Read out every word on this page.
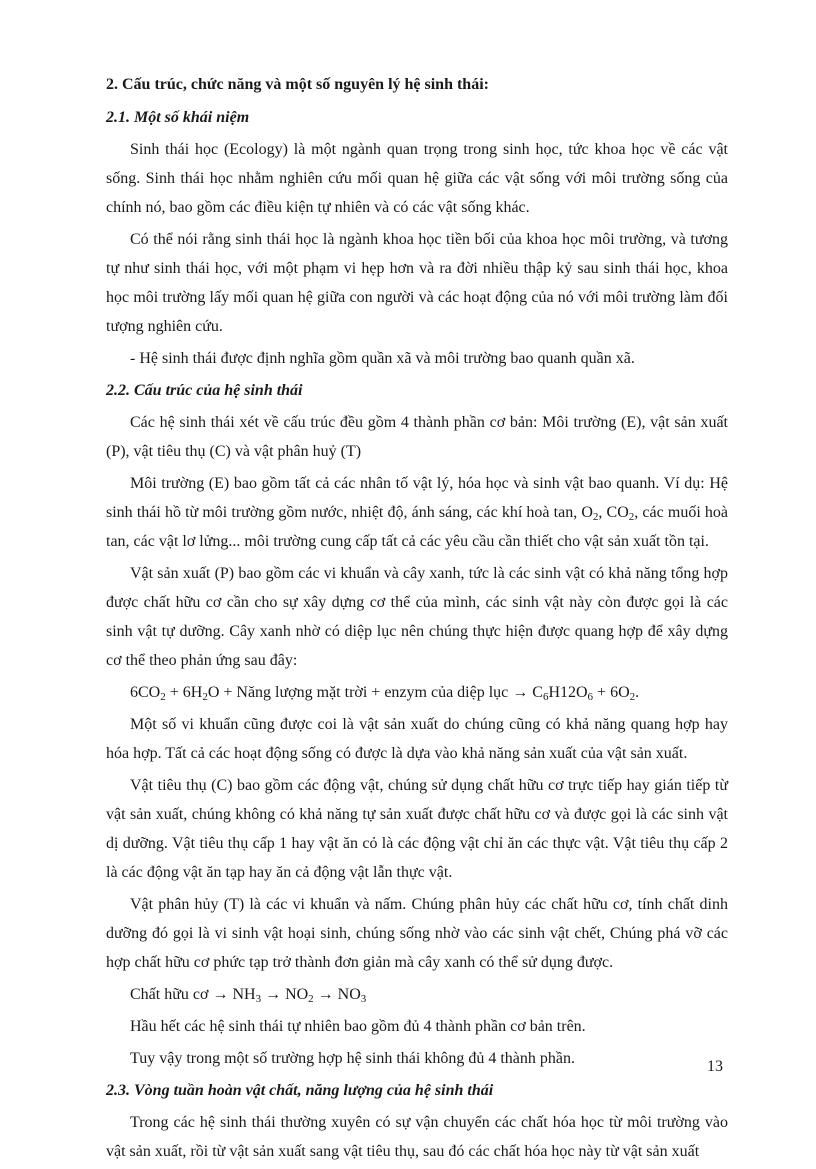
2. Cấu trúc, chức năng và một số nguyên lý hệ sinh thái:
2.1. Một số khái niệm

Sinh thái học (Ecology) là một ngành quan trọng trong sinh học, tức khoa học về các vật sống. Sinh thái học nhằm nghiên cứu mối quan hệ giữa các vật sống với môi trường sống của chính nó, bao gồm các điều kiện tự nhiên và có các vật sống khác.

Có thể nói rằng sinh thái học là ngành khoa học tiền bối của khoa học môi trường, và tương tự như sinh thái học, với một phạm vi hẹp hơn và ra đời nhiều thập kỷ sau sinh thái học, khoa học môi trường lấy mối quan hệ giữa con người và các hoạt động của nó với môi trường làm đối tượng nghiên cứu.

- Hệ sinh thái được định nghĩa gồm quần xã và môi trường bao quanh quần xã.

2.2. Cấu trúc của hệ sinh thái

Các hệ sinh thái xét về cấu trúc đều gồm 4 thành phần cơ bản: Môi trường (E), vật sản xuất (P), vật tiêu thụ (C) và vật phân huỷ (T)

Môi trường (E) bao gồm tất cả các nhân tố vật lý, hóa học và sinh vật bao quanh. Ví dụ: Hệ sinh thái hồ từ môi trường gồm nước, nhiệt độ, ánh sáng, các khí hoà tan, $O_2$, $CO_2$, các muối hoà tan, các vật lơ lửng... môi trường cung cấp tất cả các yêu cầu cần thiết cho vật sản xuất tồn tại.

Vật sản xuất (P) bao gồm các vi khuẩn và cây xanh, tức là các sinh vật có khả năng tổng hợp được chất hữu cơ cần cho sự xây dựng cơ thể của mình, các sinh vật này còn được gọi là các sinh vật tự dưỡng. Cây xanh nhờ có diệp lục nên chúng thực hiện được quang hợp để xây dựng cơ thể theo phản ứng sau đây:

$6CO_2 + 6H_2O$ + Năng lượng mặt trời + enzym của diệp lục → $C_6H12O_6 + 6O_2$.

Một số vi khuẩn cũng được coi là vật sản xuất do chúng cũng có khả năng quang hợp hay hóa hợp. Tất cả các hoạt động sống có được là dựa vào khả năng sản xuất của vật sản xuất.

Vật tiêu thụ (C) bao gồm các động vật, chúng sử dụng chất hữu cơ trực tiếp hay gián tiếp từ vật sản xuất, chúng không có khả năng tự sản xuất được chất hữu cơ và được gọi là các sinh vật dị dưỡng. Vật tiêu thụ cấp 1 hay vật ăn cỏ là các động vật chỉ ăn các thực vật. Vật tiêu thụ cấp 2 là các động vật ăn tạp hay ăn cả động vật lẫn thực vật.

Vật phân hủy (T) là các vi khuẩn và nấm. Chúng phân hủy các chất hữu cơ, tính chất dinh dưỡng đó gọi là vi sinh vật hoại sinh, chúng sống nhờ vào các sinh vật chết, Chúng phá vỡ các hợp chất hữu cơ phức tạp trở thành đơn giản mà cây xanh có thể sử dụng được.

Chất hữu cơ → $NH_3 \to NO_2 \to NO_3$

Hầu hết các hệ sinh thái tự nhiên bao gồm đủ 4 thành phần cơ bản trên.

Tuy vậy trong một số trường hợp hệ sinh thái không đủ 4 thành phần.

2.3. Vòng tuần hoàn vật chất, năng lượng của hệ sinh thái

Trong các hệ sinh thái thường xuyên có sự vận chuyển các chất hóa học từ môi trường vào vật sản xuất, rồi từ vật sản xuất sang vật tiêu thụ, sau đó các chất hóa học này từ vật sản xuất

13
